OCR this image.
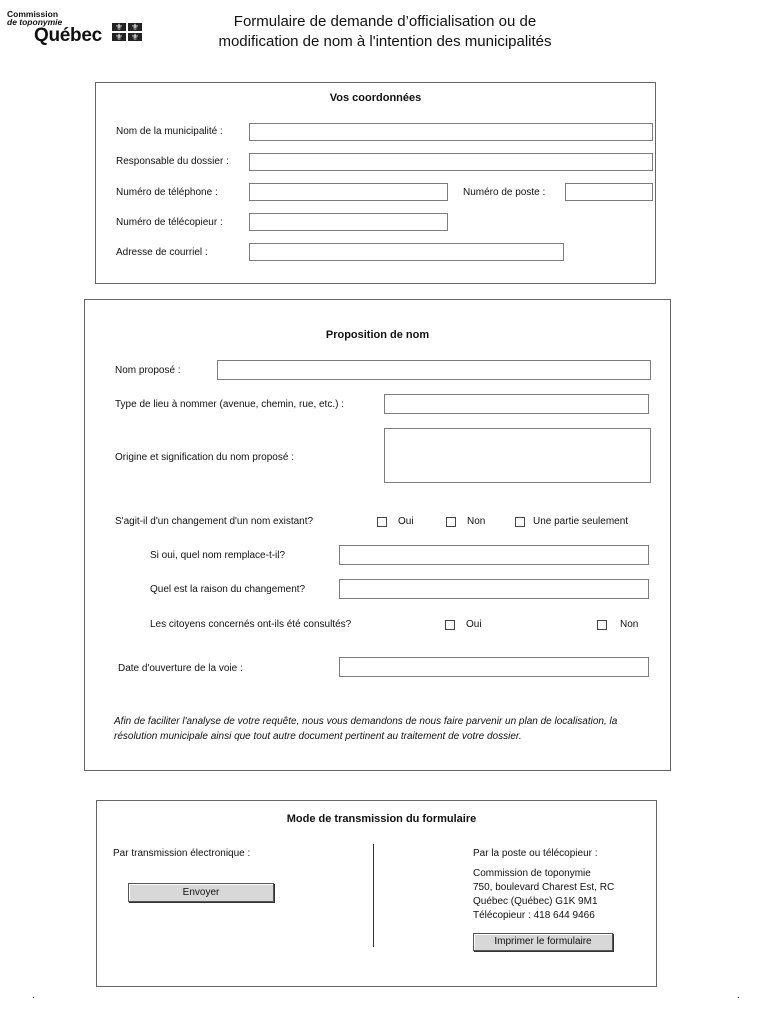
Commission
de toponymie
Québec	⚜ ⚜
⚜ ⚜
Formulaire de demande d’officialisation ou de
modification de nom à l'intention des municipalités
Vos coordonnées
Nom de la municipalité :
Responsable du dossier :
Numéro de téléphone :	Numéro de poste :
Numéro de télécopieur :
Adresse de courriel :
Proposition de nom
Nom proposé :
Type de lieu à nommer (avenue, chemin, rue, etc.) :
Origine et signification du nom proposé :
S'agit-il d'un changement d'un nom existant?	Oui	Non	Une partie seulement
Si oui, quel nom remplace-t-il?
Quel est la raison du changement?
Les citoyens concernés ont-ils été consultés?	Oui	Non
Date d'ouverture de la voie :
Afin de faciliter l'analyse de votre requête, nous vous demandons de nous faire parvenir un plan de localisation, la résolution municipale ainsi que tout autre document pertinent au traitement de votre dossier.
Mode de transmission du formulaire
Par transmission électronique :
Envoyer
Par la poste ou télécopieur :
Commission de toponymie
750, boulevard Charest Est, RC
Québec (Québec) G1K 9M1
Télécopieur : 418 644 9466
Imprimer le formulaire
.	.
